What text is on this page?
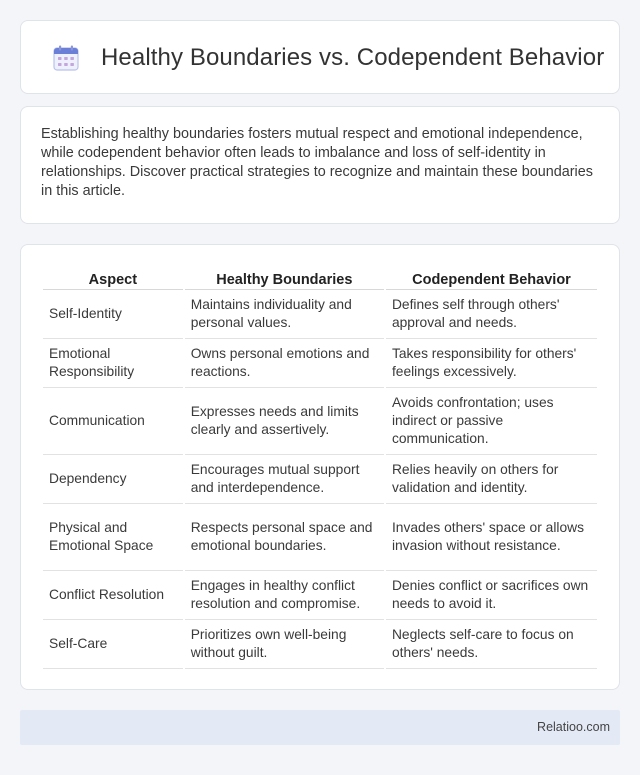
Healthy Boundaries vs. Codependent Behavior

Establishing healthy boundaries fosters mutual respect and emotional independence, while codependent behavior often leads to imbalance and loss of self-identity in relationships. Discover practical strategies to recognize and maintain these boundaries in this article.

Aspect	Healthy Boundaries	Codependent Behavior
Self-Identity	Maintains individuality and personal values.	Defines self through others' approval and needs.
Emotional Responsibility	Owns personal emotions and reactions.	Takes responsibility for others' feelings excessively.
Communication	Expresses needs and limits clearly and assertively.	Avoids confrontation; uses indirect or passive communication.
Dependency	Encourages mutual support and interdependence.	Relies heavily on others for validation and identity.
Physical and Emotional Space	Respects personal space and emotional boundaries.	Invades others' space or allows invasion without resistance.
Conflict Resolution	Engages in healthy conflict resolution and compromise.	Denies conflict or sacrifices own needs to avoid it.
Self-Care	Prioritizes own well-being without guilt.	Neglects self-care to focus on others' needs.
Relatioo.com
